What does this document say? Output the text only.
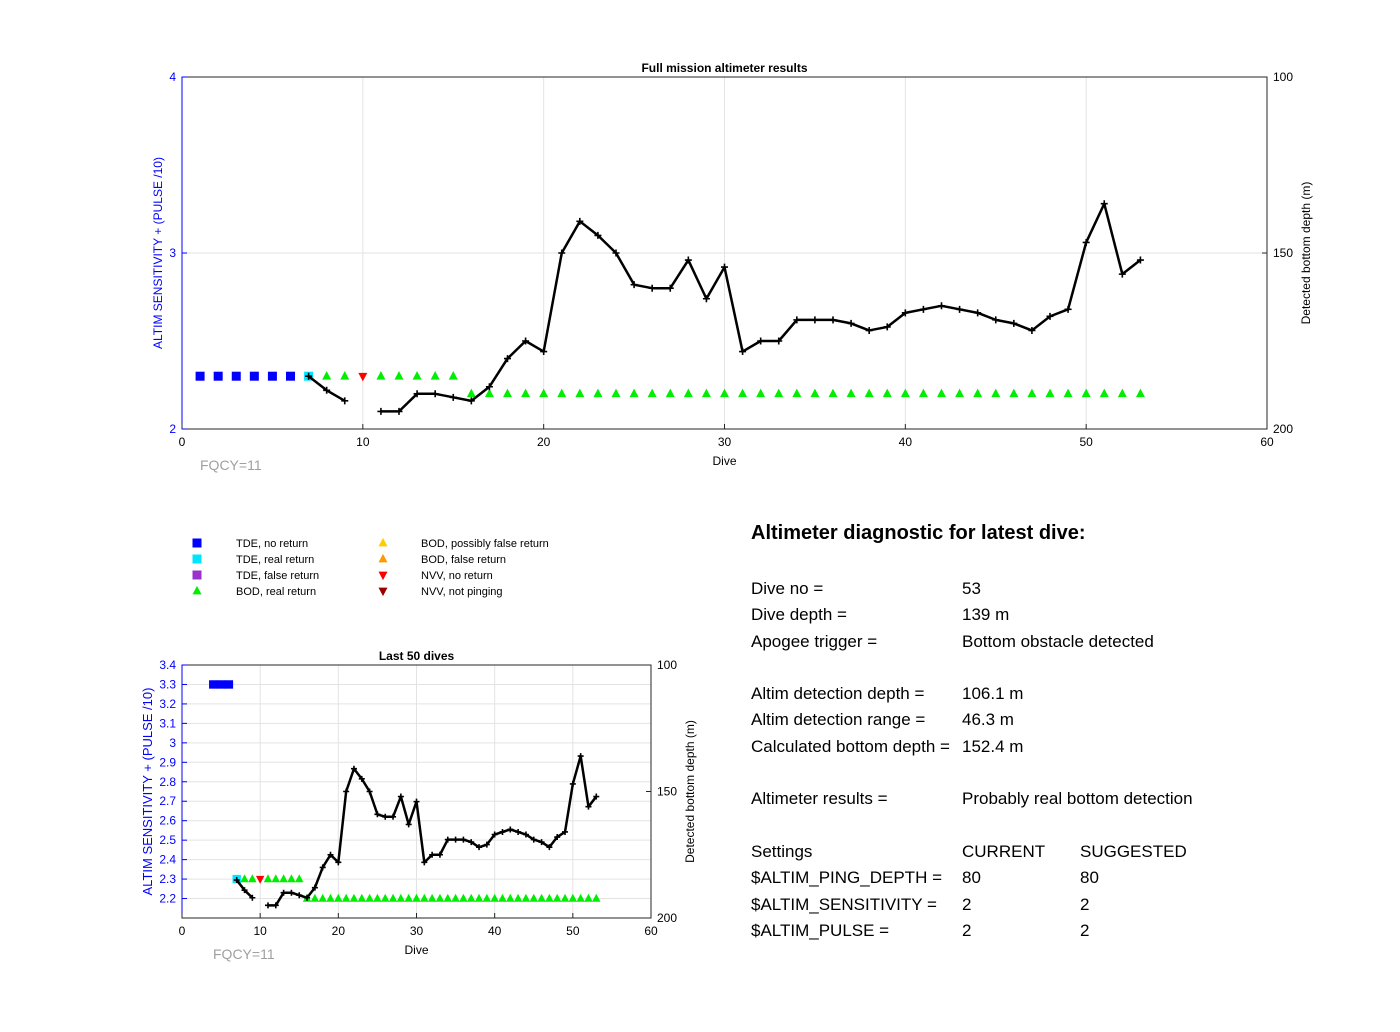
0	10	20	30	40	50	60
2
3
4	100
150
200
Full mission altimeter results
Dive
ALTIM SENSITIVITY + (PULSE /10)	Detected bottom depth (m)
FQCY=11
0	10	20	30	40	50	60
2.2
2.3
2.4
2.5
2.6
2.7
2.8
2.9
3
3.1
3.2
3.3
3.4	100
150
200
Last 50 dives
Dive
ALTIM SENSITIVITY + (PULSE /10)	Detected bottom depth (m)
FQCY=11
TDE, no return
TDE, real return
TDE, false return
BOD, real return
BOD, possibly false return
BOD, false return
NVV, no return
NVV, not pinging
Altimeter diagnostic for latest dive:
Dive no =	53
Dive depth =	139 m
Apogee trigger =	Bottom obstacle detected
Altim detection depth = 106.1 m
Altim detection range = 46.3 m
Calculated bottom depth = 152.4 m
Altimeter results =	Probably real bottom detection
Settings	CURRENT SUGGESTED
$ALTIM_PING_DEPTH = 80	80
$ALTIM_SENSITIVITY = 2	2
$ALTIM_PULSE =	2	2
